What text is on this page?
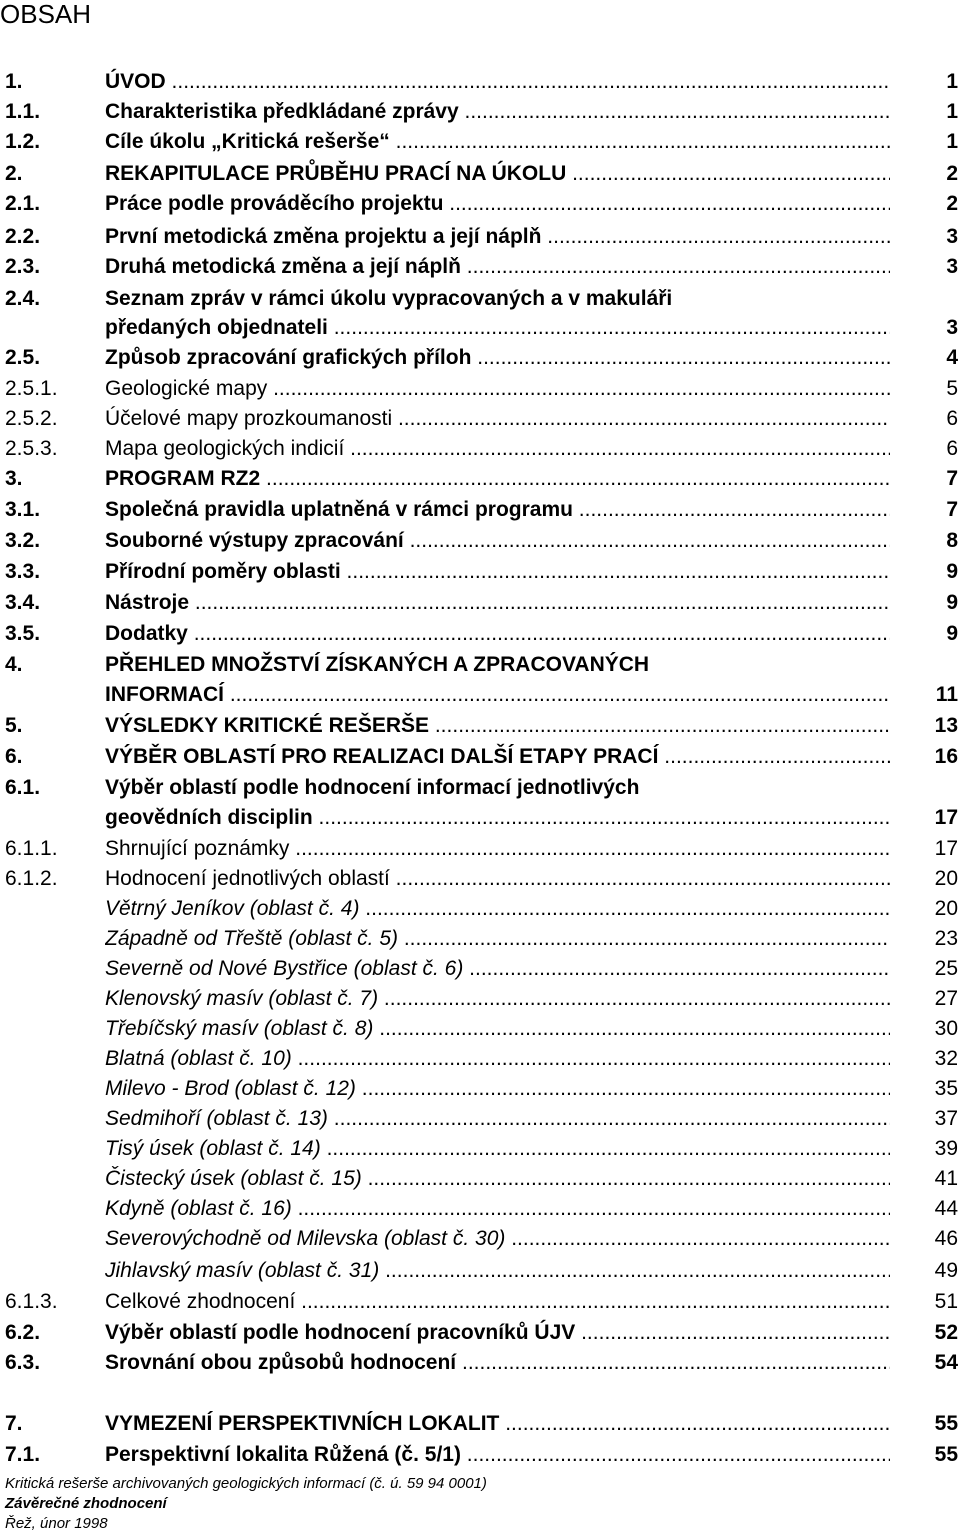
OBSAH
1.	ÚVOD .....	1
1.1.	Charakteristika předkládané zprávy .....	1
1.2.	Cíle úkolu „Kritická rešerše“ .....	1
2.	REKAPITULACE PRŮBĚHU PRACÍ NA ÚKOLU .....	2
2.1.	Práce podle prováděcího projektu .....	2
2.2.	První metodická změna projektu a její náplň .....	3
2.3.	Druhá metodická změna a její náplň .....	3
2.4.	Seznam zpráv v rámci úkolu vypracovaných a v makuláři
předaných objednateli .....	3
2.5.	Způsob zpracování grafických příloh .....	4
2.5.1. Geologické mapy .....	5
2.5.2. Účelové mapy prozkoumanosti .....	6
2.5.3. Mapa geologických indicií .....	6
3.	PROGRAM RZ2 .....	7
3.1.	Společná pravidla uplatněná v rámci programu .....	7
3.2.	Souborné výstupy zpracování .....	8
3.3.	Přírodní poměry oblasti .....	9
3.4.	Nástroje .....	9
3.5.	Dodatky .....	9
4.	PŘEHLED MNOŽSTVÍ ZÍSKANÝCH A ZPRACOVANÝCH
INFORMACÍ .....	11
5.	VÝSLEDKY KRITICKÉ REŠERŠE .....	13
6.	VÝBĚR OBLASTÍ PRO REALIZACI DALŠÍ ETAPY PRACÍ .....	16
6.1.	Výběr oblastí podle hodnocení informací jednotlivých
geovědních disciplin .....	17
6.1.1. Shrnující poznámky .....	17
6.1.2. Hodnocení jednotlivých oblastí .....	20
Větrný Jeníkov (oblast č. 4) .....	20
Západně od Třeště (oblast č. 5) .....	23
Severně od Nové Bystřice (oblast č. 6) .....	25
Klenovský masív (oblast č. 7) .....	27
Třebíčský masív (oblast č. 8) .....	30
Blatná (oblast č. 10) .....	32
Milevo - Brod (oblast č. 12) .....	35
Sedmihoří (oblast č. 13) .....	37
Tisý úsek (oblast č. 14) .....	39
Čistecký úsek (oblast č. 15) .....	41
Kdyně (oblast č. 16) .....	44
Severovýchodně od Milevska (oblast č. 30) .....	46
Jihlavský masív (oblast č. 31) .....	49
6.1.3. Celkové zhodnocení .....	51
6.2.	Výběr oblastí podle hodnocení pracovníků ÚJV .....	52
6.3.	Srovnání obou způsobů hodnocení .....	54
7.	VYMEZENÍ PERSPEKTIVNÍCH LOKALIT .....	55
7.1.	Perspektivní lokalita Růžená (č. 5/1) .....	55
Kritická rešerše archivovaných geologických informací (č. ú. 59 94 0001)
Závěrečné zhodnocení
Řež, únor 1998
